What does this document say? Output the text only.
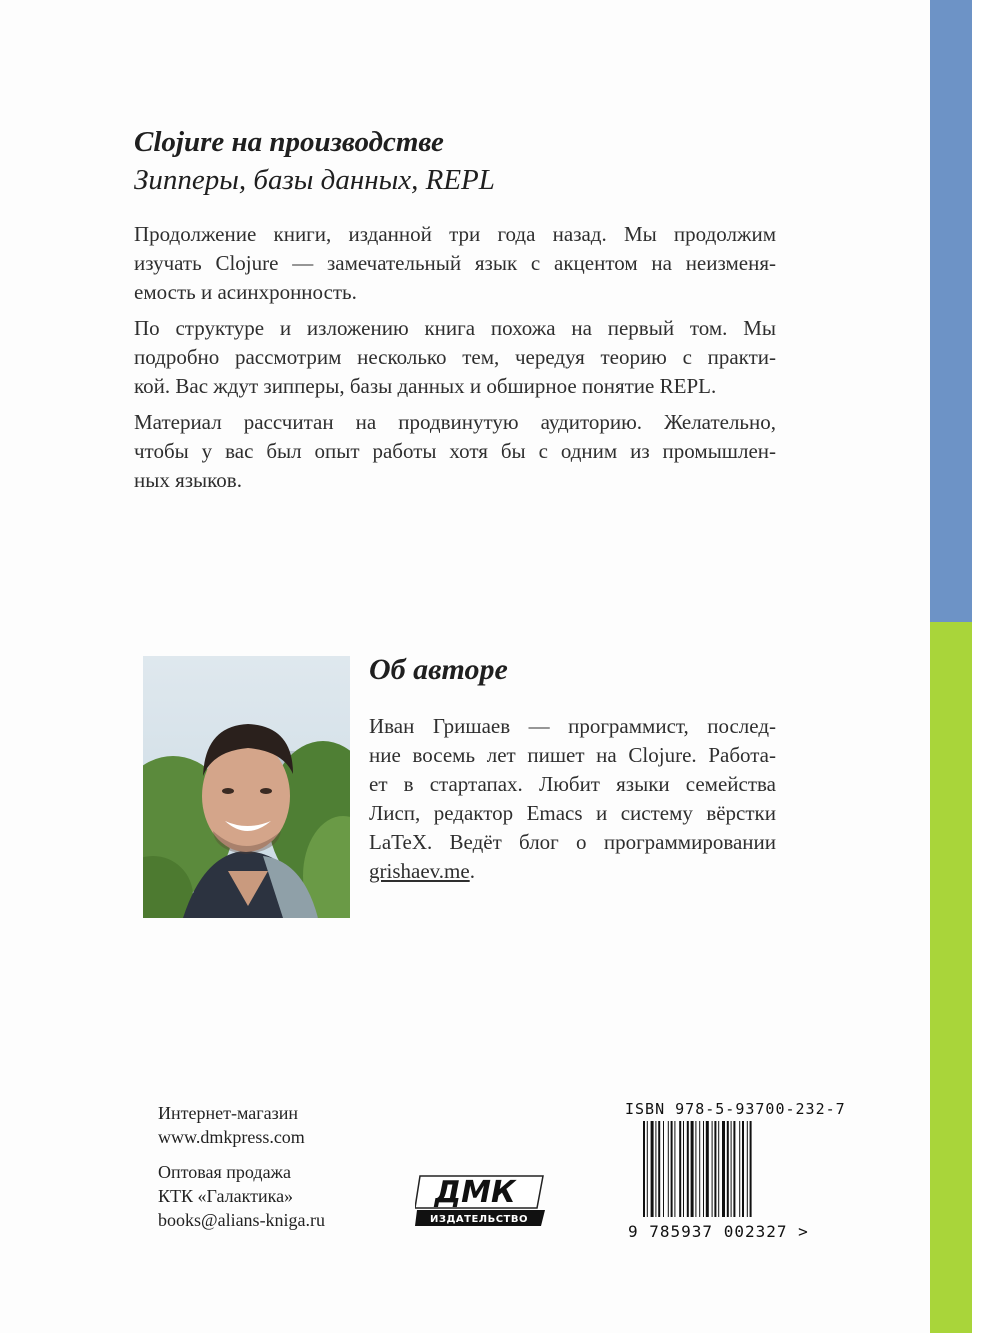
Clojure на производстве
Зипперы, базы данных, REPL
Продолжение книги, изданной три года назад. Мы продолжим
изучать Clojure — замечательный язык с акцентом на неизменя-
емость и асинхронность.
По структуре и изложению книга похожа на первый том. Мы
подробно рассмотрим несколько тем, чередуя теорию с практи-
кой. Вас ждут зипперы, базы данных и обширное понятие REPL.
Материал рассчитан на продвинутую аудиторию. Желательно,
чтобы у вас был опыт работы хотя бы с одним из промышлен-
ных языков.
Об авторе
Иван Гришаев — программист, послед-
ние восемь лет пишет на Clojure. Работа-
ет в стартапах. Любит языки семейства
Лисп, редактор Emacs и систему вёрстки
LaTeX. Ведёт блог о программировании
grishaev.me.
Интернет-магазин
www.dmkpress.com
Оптовая продажа
КТК «Галактика»
books@alians-kniga.ru
ДМК
ИЗДАТЕЛЬСТВО
ISBN 978-5-93700-232-7
9 785937 002327 >
